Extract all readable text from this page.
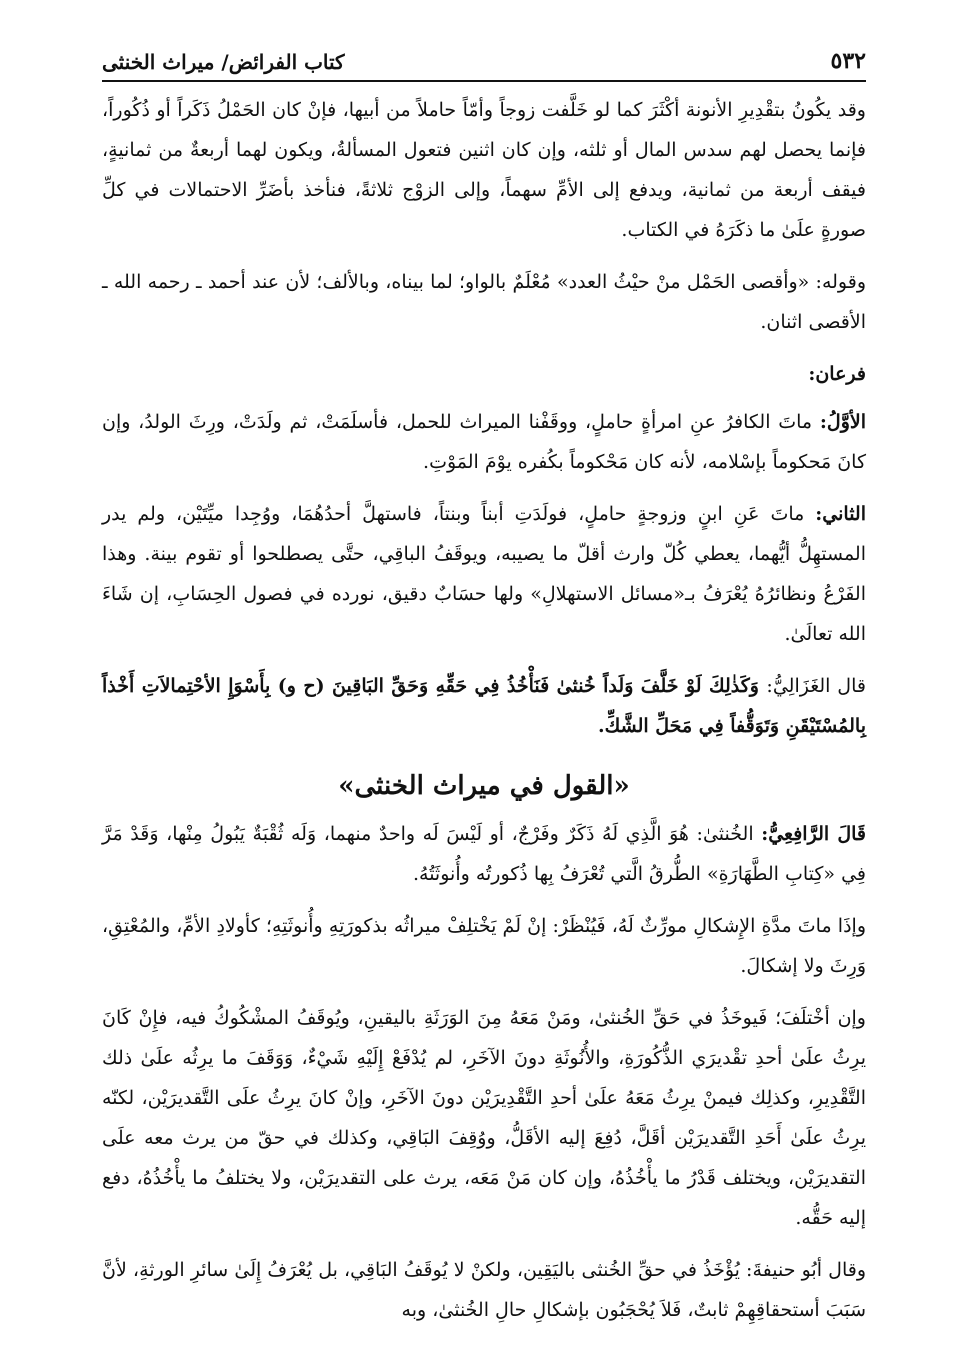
٥٣٢
كتاب الفرائض/ ميراث الخنثى

وقد يكُونُ بتقْدِيرِ الأنونة أكْثَرَ كما لو خَلَّفت زوجاً وأمّاً حاملاً من أبيها، فإنْ كان الحَمْلُ ذَكَراً أو ذُكُوراً، فإنما يحصل لهم سدس المال أو ثلثه، وإن كان اثنين فتعول المسألةُ، ويكون لهما أربعةٌ من ثمانيةٍ، فيقف أربعة من ثمانية، ويدفع إلى الأمِّ سهماً، وإلى الزوْج ثلاثةً، فنأخذ بأضَرِّ الاحتمالات في كلِّ صورةٍ علَىٰ ما ذكَرَهُ في الكتاب.

وقوله: «وأقصى الحَمْل منْ حيْثُ العدد» مُعْلَمٌ بالواو؛ لما بيناه، وبالألف؛ لأن عند أحمد ـ رحمه الله ـ الأقصى اثنان.

فرعان:

الأوَّلُ: ماتَ الكافرُ عنِ امرأةٍ حاملٍ، ووقَفْنا الميراث للحمل، فأسلَمَتْ، ثم ولَدَتْ، ورِثَ الولدُ، وإن كانَ مَحكوماً بإسْلامه، لأنه كان مَحْكوماً بكُفره يوْمَ المَوْتِ.

الثاني: ماتَ عَنِ ابنٍ وزوجةٍ حاملٍ، فولَدَتِ أبناً وبنتاً، فاستهلَّ أحدُهُمَا، ووُجِدا ميِّتَيْن، ولم يدر المستهِلُّ أيُّهما، يعطي كُلّ وارث أقلّ ما يصيبه، ويوقَفُ الباقِي، حتَّى يصطلحوا أو تقوم بينة. وهذا الفَرْعُ ونظائرُهُ يُعْرَفُ بـ«مسائل الاستهلالِ» ولها حسَابٌ دقيق، نورده في فصول الحِسَابِ، إن شَاءَ الله تعالَىٰ.

قال الغَزَالِيُّ: وَكَذٰلِكَ لَوْ خَلَّفَ وَلَداً خُنثىٰ فَنَأْخُذُ فِي حَقِّهِ وَحَقِّ البَاقِينَ (ح و) بِأَسْوَإِ الأحْتِمالاَتِ أَخْذاً بِالمُسْتَيْقَنِ وَتَوَقُّفاً فِي مَحَلِّ الشَّكِّ.

«القول في ميراث الخنثى»

قَالَ الرَّافِعِيُّ: الخُنثىٰ: هُوَ الَّذِي لَهُ ذَكَرٌ وفَرْجٌ، أو لَيْسَ لَه واحدٌ منهما، وَلَه ثُقْبَةٌ يَبُولُ مِنْها، وَقَدْ مَرَّ فِي «كِتابِ الطَّهَارَةِ» الطُّرقُ الَّتي تُعْرَفُ بِها ذُكورتُه وأُنوثَتُهُ.

وإذَا ماتَ مدَّةِ الإِشكالِ مورِّثٌ لَهُ، فَيُنْظَرْ: إنْ لَمْ يَخْتلِفْ ميراثُه بذكورَتِهِ وأُنوثَتِهِ؛ كأولادِ الأمِّ، والمُعْتِقِ، وَرِثَ ولا إشكالَ.

وإن أخْتلَفَ؛ فَيوخَذُ في حَقِّ الخُنثىٰ، ومَنْ مَعَهُ مِنَ الوَرَثَةِ باليقينِ، ويُوقَفُ المشْكُوكُ فيه، فإِنْ كَانَ يرِثُ علَىٰ أحدِ تقْديرَي الذُّكُورَةِ، والأُنُوثَةِ دونَ الآخَرِ، لم يُدْفَعْ إِلَيْهِ شَيْءٌ، وَوَقَفَ ما يرِثُه علَىٰ ذلك التَّقْدِيرِ، وكذلِك فيمنْ يرِثُ مَعَهُ علَىٰ أحدِ التَّقْدِيرَيْن دونَ الآخَرِ، وإنْ كانَ يرِثُ علَى التَّقديرَيْن، لكنّه يرِثُ علَىٰ أَحَدِ التَّقديرَيْن أقَلَّ، دُفِعَ إليه الأقَلُّ، ووُقِفَ البَاقِي، وكذلك في حقّ من يرث معه علَى التقديرَيْن، ويختلف قَدْرُ ما يأْخُذُهُ، وإن كان مَنْ مَعَه، يرث على التقديرَيْن، ولا يختلفُ ما يأْخُذُهُ، دفع إليه حَقُّه.

وقال أبُو حنيفةَ: يُؤْخَذُ في حقِّ الخُنثى باليَقِين، ولكنْ لا يُوقَفُ البَاقِي، بل يُعْرَفُ إِلَىٰ سائرِ الورثةِ، لأنَّ سَبَبَ أستحقاقِهِمْ ثابتٌ، فَلاَ يُحْجَبُون بإشكالِ حالِ الخُنثىٰ، وبه
